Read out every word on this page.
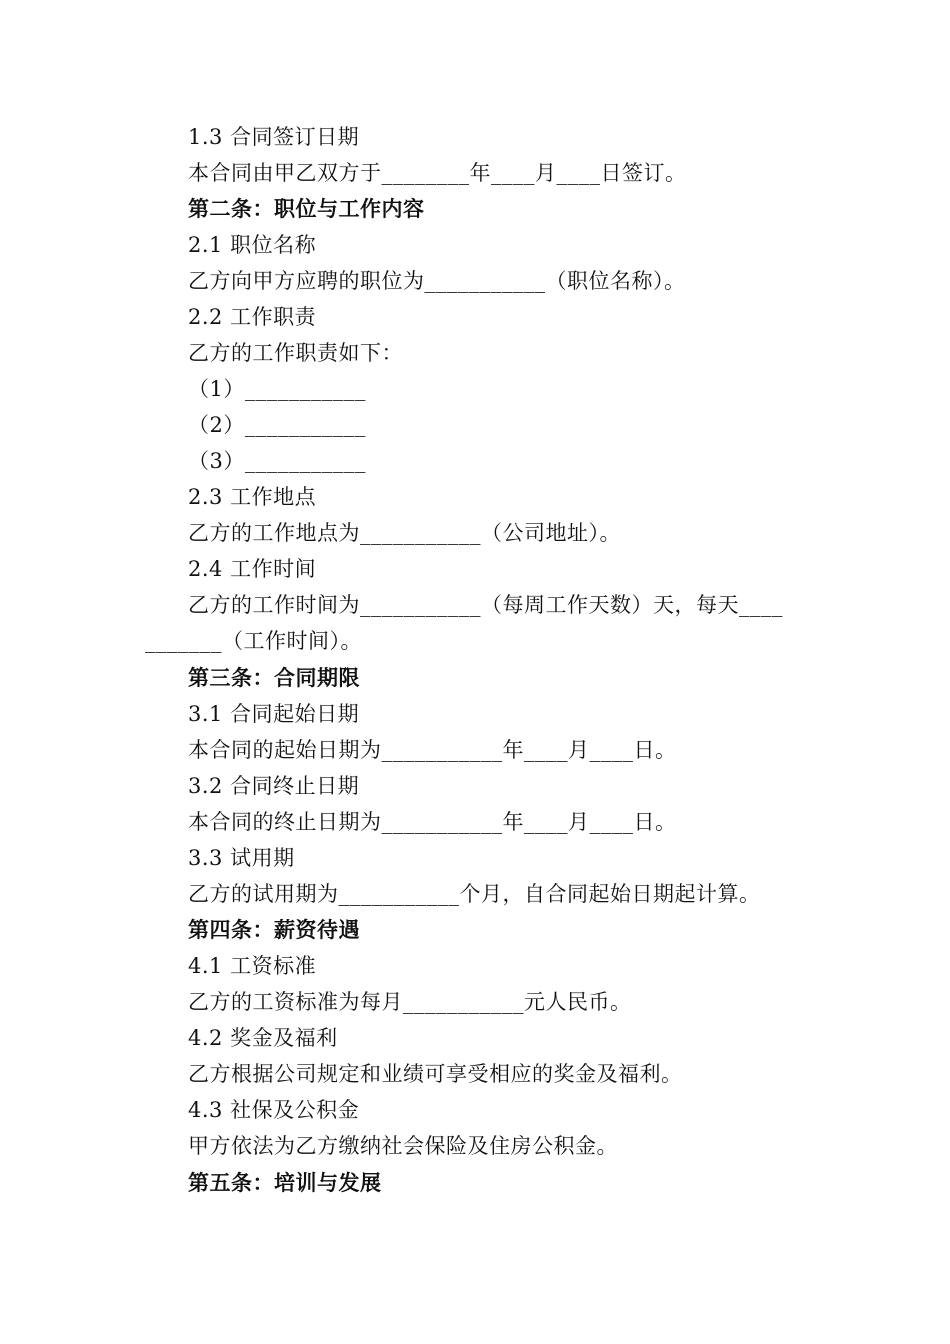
1.3 合同签订日期
本合同由甲乙双方于________年____月____日签订。
第二条：职位与工作内容
2.1 职位名称
乙方向甲方应聘的职位为___________（职位名称）。
2.2 工作职责
乙方的工作职责如下：
（1）___________
（2）___________
（3）___________
2.3 工作地点
乙方的工作地点为___________（公司地址）。
2.4 工作时间
乙方的工作时间为___________（每周工作天数）天，每天____
_______（工作时间）。
第三条：合同期限
3.1 合同起始日期
本合同的起始日期为___________年____月____日。
3.2 合同终止日期
本合同的终止日期为___________年____月____日。
3.3 试用期
乙方的试用期为___________个月，自合同起始日期起计算。
第四条：薪资待遇
4.1 工资标准
乙方的工资标准为每月___________元人民币。
4.2 奖金及福利
乙方根据公司规定和业绩可享受相应的奖金及福利。
4.3 社保及公积金
甲方依法为乙方缴纳社会保险及住房公积金。
第五条：培训与发展
